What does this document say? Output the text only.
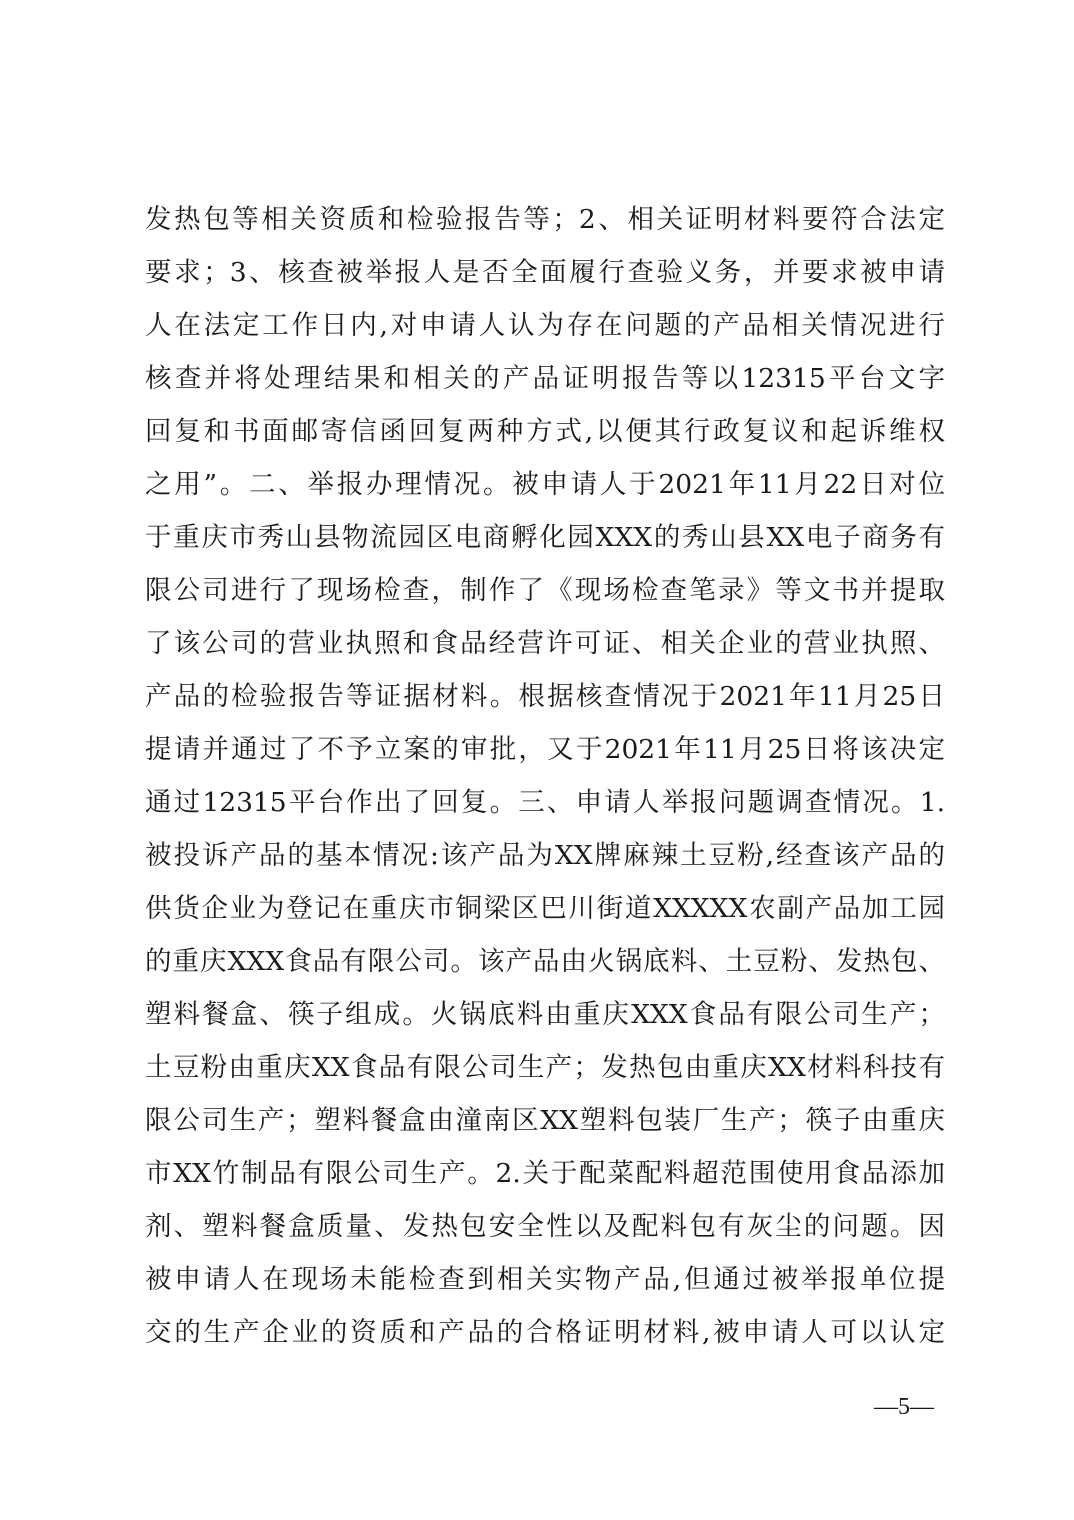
发热包等相关资质和检验报告等；2、相关证明材料要符合法定
要求；3、核查被举报人是否全面履行查验义务，并要求被申请
人在法定工作日内,对申请人认为存在问题的产品相关情况进行
核查并将处理结果和相关的产品证明报告等以12315平台文字
回复和书面邮寄信函回复两种方式,以便其行政复议和起诉维权
之用”。二、举报办理情况。被申请人于2021年11月22日对位
于重庆市秀山县物流园区电商孵化园XXX的秀山县XX电子商务有
限公司进行了现场检查，制作了《现场检查笔录》等文书并提取
了该公司的营业执照和食品经营许可证、相关企业的营业执照、
产品的检验报告等证据材料。根据核查情况于2021年11月25日
提请并通过了不予立案的审批，又于2021年11月25日将该决定
通过12315平台作出了回复。三、申请人举报问题调查情况。1.
被投诉产品的基本情况:该产品为XX牌麻辣土豆粉,经查该产品的
供货企业为登记在重庆市铜梁区巴川街道XXXXX农副产品加工园
的重庆XXX食品有限公司。该产品由火锅底料、土豆粉、发热包、
塑料餐盒、筷子组成。火锅底料由重庆XXX食品有限公司生产；
土豆粉由重庆XX食品有限公司生产；发热包由重庆XX材料科技有
限公司生产；塑料餐盒由潼南区XX塑料包装厂生产；筷子由重庆
市XX竹制品有限公司生产。2.关于配菜配料超范围使用食品添加
剂、塑料餐盒质量、发热包安全性以及配料包有灰尘的问题。因
被申请人在现场未能检查到相关实物产品,但通过被举报单位提
交的生产企业的资质和产品的合格证明材料,被申请人可以认定
—5—
